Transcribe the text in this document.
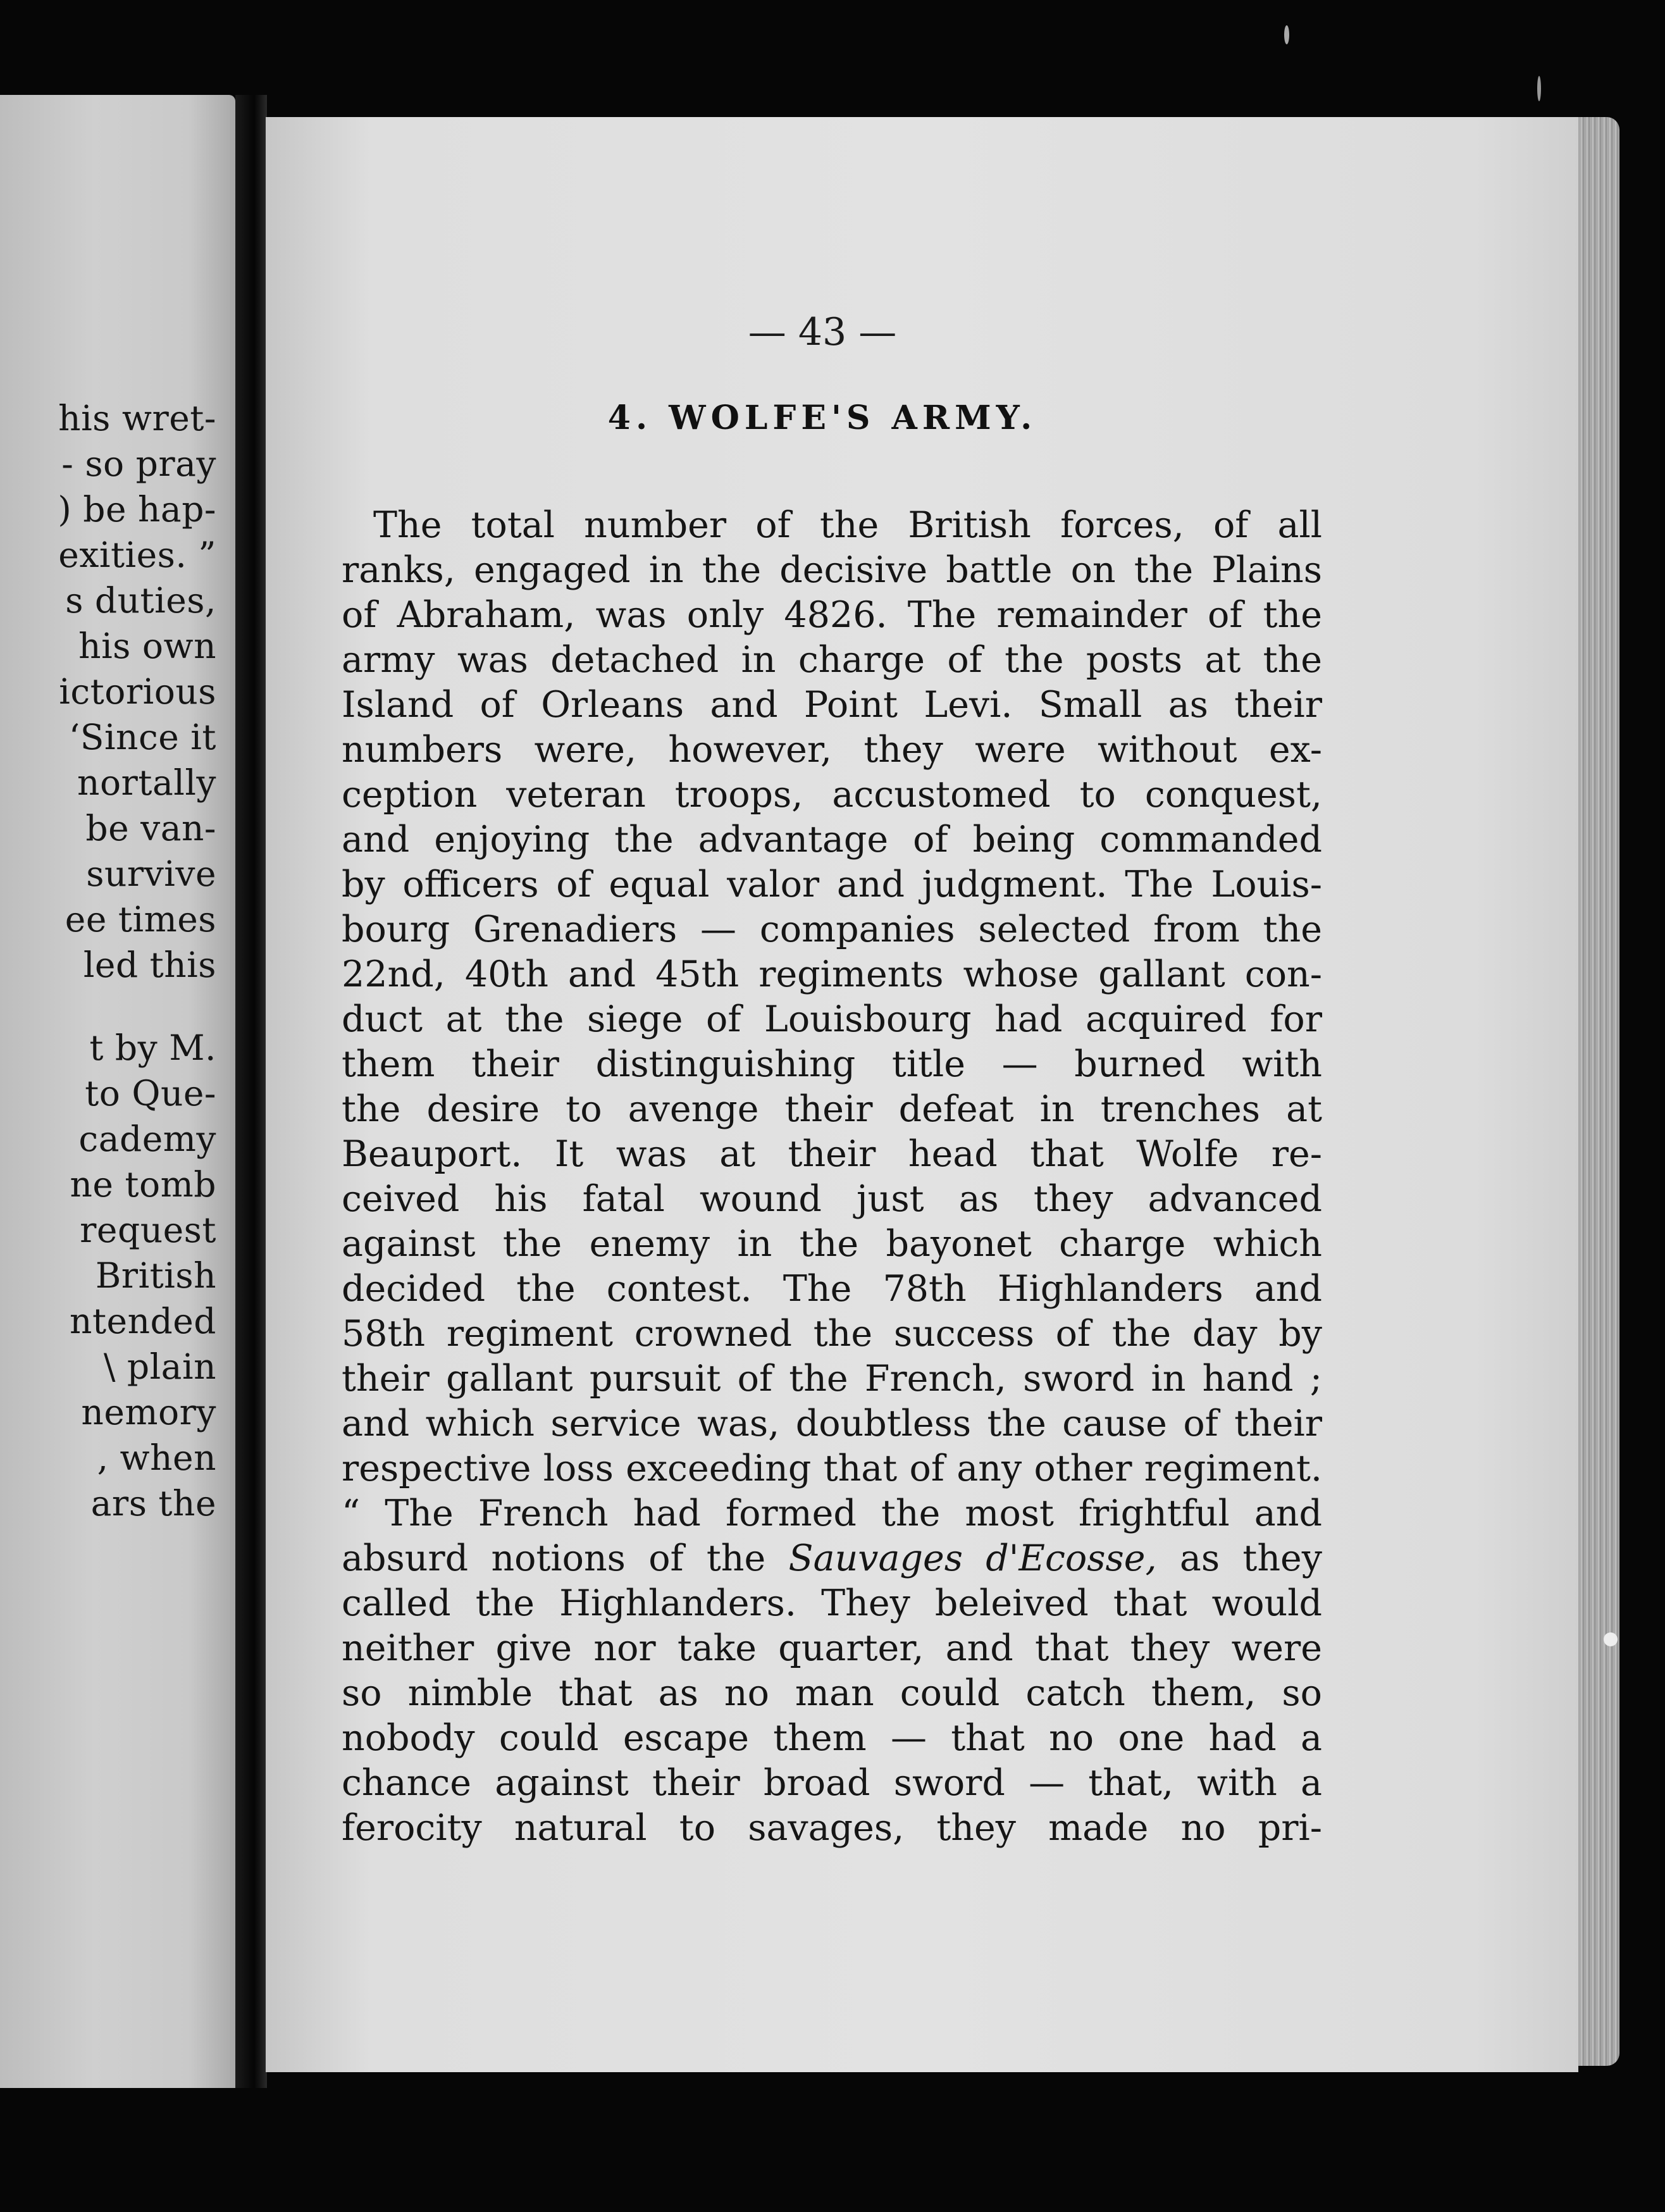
his wret-
- so pray
) be hap-
exities. ”
s duties,
his own
ictorious
‘Since it
nortally
be van-
survive
ee times
led this
t by M.
to Que-
cademy
ne tomb
request
British
ntended
\ plain
nemory
, when
ars the
— 43 —
4. WOLFE'S ARMY.
The total number of the British forces, of all
ranks, engaged in the decisive battle on the Plains
of Abraham, was only 4826. The remainder of the
army was detached in charge of the posts at the
Island of Orleans and Point Levi. Small as their
numbers were, however, they were without ex-
ception veteran troops, accustomed to conquest,
and enjoying the advantage of being commanded
by officers of equal valor and judgment. The Louis-
bourg Grenadiers — companies selected from the
22nd, 40th and 45th regiments whose gallant con-
duct at the siege of Louisbourg had acquired for
them their distinguishing title — burned with
the desire to avenge their defeat in trenches at
Beauport. It was at their head that Wolfe re-
ceived his fatal wound just as they advanced
against the enemy in the bayonet charge which
decided the contest. The 78th Highlanders and
58th regiment crowned the success of the day by
their gallant pursuit of the French, sword in hand ;
and which service was, doubtless the cause of their
respective loss exceeding that of any other regiment.
“ The French had formed the most frightful and
absurd notions of the Sauvages d'Ecosse, as they
called the Highlanders. They beleived that would
neither give nor take quarter, and that they were
so nimble that as no man could catch them, so
nobody could escape them — that no one had a
chance against their broad sword — that, with a
ferocity natural to savages, they made no pri-
